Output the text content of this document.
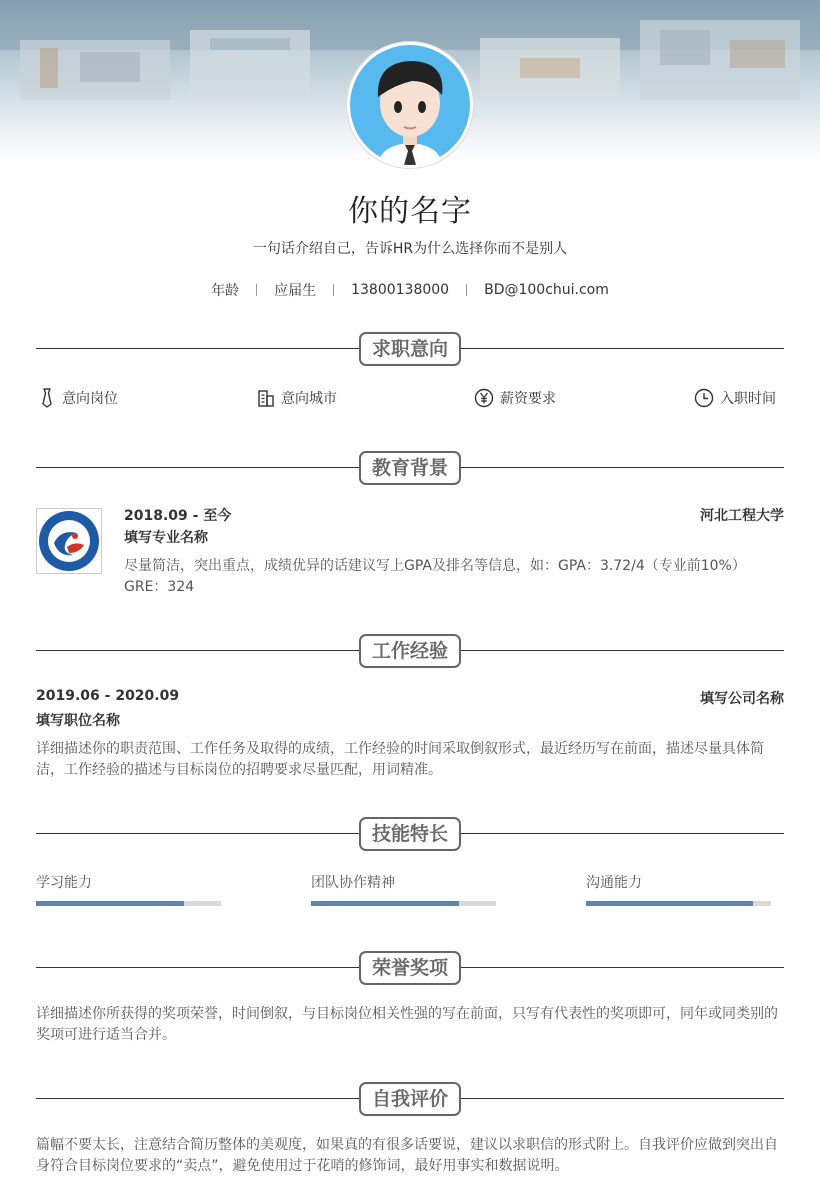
你的名字
一句话介绍自己，告诉HR为什么选择你而不是别人
年龄	应届生	13800138000	BD@100chui.com
求职意向
意向岗位	意向城市	薪资要求	入职时间
教育背景
2018.09 - 至今	河北工程大学
填写专业名称
尽量简洁，突出重点，成绩优异的话建议写上GPA及排名等信息，如：GPA：3.72/4（专业前10%） GRE：324
工作经验
2019.06 - 2020.09	填写公司名称
填写职位名称
详细描述你的职责范围、工作任务及取得的成绩，工作经验的时间采取倒叙形式，最近经历写在前面，描述尽量具体简洁，工作经验的描述与目标岗位的招聘要求尽量匹配，用词精准。
技能特长
学习能力	团队协作精神	沟通能力
荣誉奖项
详细描述你所获得的奖项荣誉，时间倒叙，与目标岗位相关性强的写在前面，只写有代表性的奖项即可，同年或同类别的奖项可进行适当合并。
自我评价
篇幅不要太长，注意结合简历整体的美观度，如果真的有很多话要说，建议以求职信的形式附上。自我评价应做到突出自身符合目标岗位要求的“卖点”，避免使用过于花哨的修饰词，最好用事实和数据说明。
